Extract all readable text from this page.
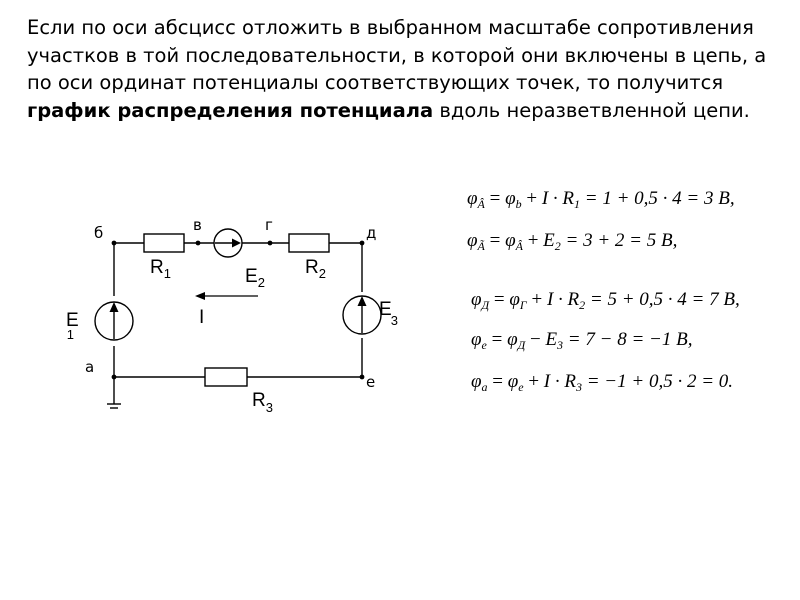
Если по оси абсцисс отложить в выбранном масштабе сопротивления участков в той последовательности, в которой они включены в цепь, а по оси ординат потенциалы соответствующих точек, то получится график распределения потенциала вдоль неразветвленной цепи.
б	в	г	д
а
е
$R_1$	$E_2$
$R_2$
E 1
E3
I
$R_3$
$\varphi_Â = \varphi_b + I \cdot R_1 = 1 + 0,5 \cdot 4 = 3$ B,
$\varphi_Ã = \varphi_Â + E_2 = 3 + 2 = 5$ B,
$\varphi_Д = \varphi_Г + I \cdot R_2 = 5 + 0,5 \cdot 4 = 7$ B,
$\varphi_e = \varphi_Д - E_3 = 7 - 8 = -1$ B,
$\varphi_a = \varphi_e + I \cdot R_3 = -1 + 0,5 \cdot 2 = 0$.
